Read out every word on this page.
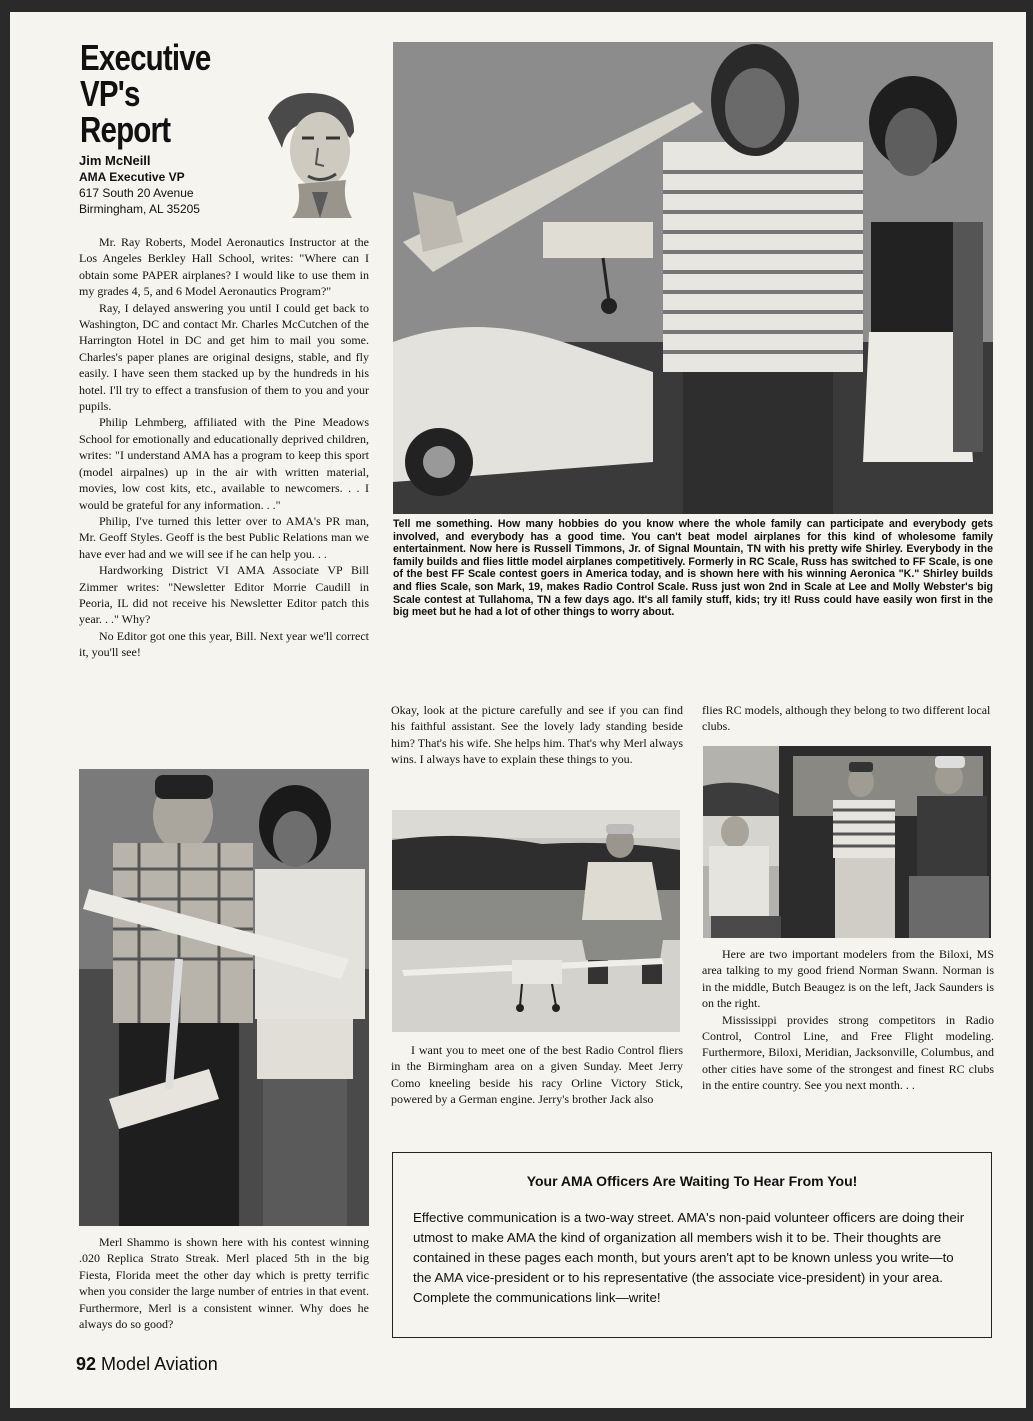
Executive VP's
Report
Jim McNeill
AMA Executive VP
617 South 20 Avenue
Birmingham, AL 35205

Mr. Ray Roberts, Model Aeronautics Instructor at the Los Angeles Berkley Hall School, writes: "Where can I obtain some PAPER airplanes? I would like to use them in my grades 4, 5, and 6 Model Aeronautics Program?"

Ray, I delayed answering you until I could get back to Washington, DC and contact Mr. Charles McCutchen of the Harrington Hotel in DC and get him to mail you some. Charles's paper planes are original designs, stable, and fly easily. I have seen them stacked up by the hundreds in his hotel. I'll try to effect a transfusion of them to you and your pupils.

Philip Lehmberg, affiliated with the Pine Meadows School for emotionally and educationally deprived children, writes: "I understand AMA has a program to keep this sport (model airpalnes) up in the air with written material, movies, low cost kits, etc., available to newcomers. . . I would be grateful for any information. . ."

Philip, I've turned this letter over to AMA's PR man, Mr. Geoff Styles. Geoff is the best Public Relations man we have ever had and we will see if he can help you. . .

Hardworking District VI AMA Associate VP Bill Zimmer writes: "Newsletter Editor Morrie Caudill in Peoria, IL did not receive his Newsletter Editor patch this year. . ." Why?

No Editor got one this year, Bill. Next year we'll correct it, you'll see!

Tell me something. How many hobbies do you know where the whole family can participate and everybody gets involved, and everybody has a good time. You can't beat model airplanes for this kind of wholesome family entertainment. Now here is Russell Timmons, Jr. of Signal Mountain, TN with his pretty wife Shirley. Everybody in the family builds and flies little model airplanes competitively. Formerly in RC Scale, Russ has switched to FF Scale, is one of the best FF Scale contest goers in America today, and is shown here with his winning Aeronica "K." Shirley builds and flies Scale, son Mark, 19, makes Radio Control Scale. Russ just won 2nd in Scale at Lee and Molly Webster's big Scale contest at Tullahoma, TN a few days ago. It's all family stuff, kids; try it! Russ could have easily won first in the big meet but he had a lot of other things to worry about.

Okay, look at the picture carefully and see if you can find his faithful assistant. See the lovely lady standing beside him? That's his wife. She helps him. That's why Merl always wins. I always have to explain these things to you.

flies RC models, although they belong to two different local clubs.

Merl Shammo is shown here with his contest winning .020 Replica Strato Streak. Merl placed 5th in the big Fiesta, Florida meet the other day which is pretty terrific when you consider the large number of entries in that event. Furthermore, Merl is a consistent winner. Why does he always do so good?

I want you to meet one of the best Radio Control fliers in the Birmingham area on a given Sunday. Meet Jerry Como kneeling beside his racy Orline Victory Stick, powered by a German engine. Jerry's brother Jack also

Here are two important modelers from the Biloxi, MS area talking to my good friend Norman Swann. Norman is in the middle, Butch Beaugez is on the left, Jack Saunders is on the right.

Mississippi provides strong competitors in Radio Control, Control Line, and Free Flight modeling. Furthermore, Biloxi, Meridian, Jacksonville, Columbus, and other cities have some of the strongest and finest RC clubs in the entire country. See you next month. . .

Your AMA Officers Are Waiting To Hear From You!
Effective communication is a two-way street. AMA's non-paid volunteer officers are doing their utmost to make AMA the kind of organization all members wish it to be. Their thoughts are contained in these pages each month, but yours aren't apt to be known unless you write—to the AMA vice-president or to his representative (the associate vice-president) in your area. Complete the communications link—write!
92 Model Aviation
